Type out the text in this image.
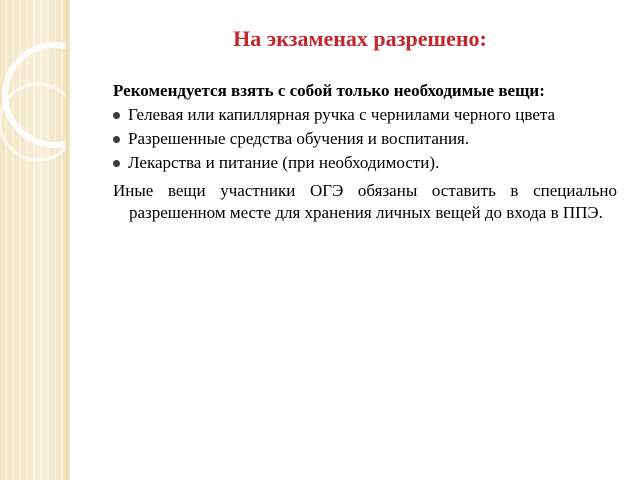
На экзаменах разрешено:

Рекомендуется взять с собой только необходимые вещи:

Гелевая или капиллярная ручка с чернилами черного цвета
Разрешенные средства обучения и воспитания.
Лекарства и питание (при необходимости).

Иные вещи участники ОГЭ обязаны оставить в специально разрешенном месте для хранения личных вещей до входа в ППЭ.
